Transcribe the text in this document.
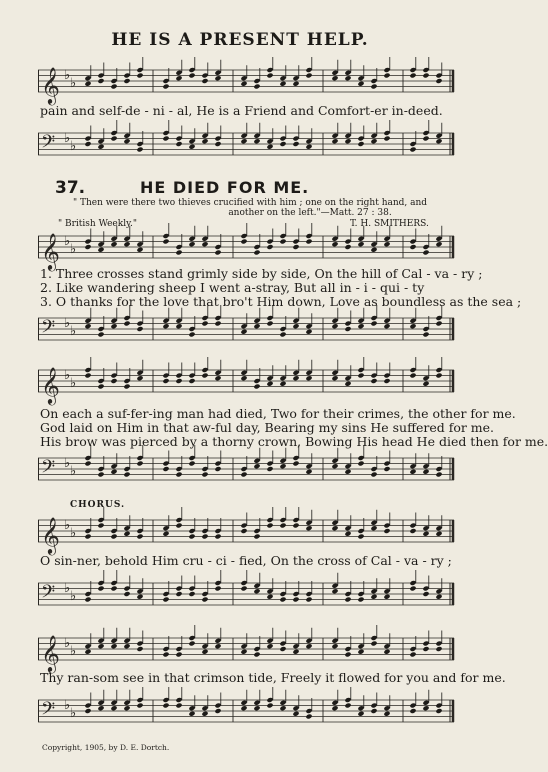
HE IS A PRESENT HELP.
𝄞 ♭
♭
pain and self-de - ni - al, He is a Friend and Comfort-er in-deed.
𝄢 ♭
♭
37.	HE DIED FOR ME.
" Then were there two thieves crucified with him ; one on the right hand, and
another on the left."—Matt. 27 : 38.
" British Weekly."	T. H. SMITHERS.
𝄞 ♭
♭
1. Three crosses stand grimly side by side, On the hill of Cal - va - ry ;
2. Like wandering sheep I went a-stray, But all in - i - qui - ty
3. O thanks for the love that bro't Him down, Love as boundless as the sea ;
𝄢 ♭
♭
𝄞 ♭
♭
On each a suf-fer-ing man had died, Two for their crimes, the other for me.
God laid on Him in that aw-ful day, Bearing my sins He suffered for me.
His brow was pierced by a thorny crown, Bowing His head He died then for me.
𝄢 ♭
♭
CHORUS.
𝄞 ♭
♭
O sin-ner, behold Him cru - ci - fied, On the cross of Cal - va - ry ;
𝄢 ♭
♭
𝄞 ♭
♭
Thy ran-som see in that crimson tide, Freely it flowed for you and for me.
𝄢 ♭
♭
Copyright, 1905, by D. E. Dortch.
